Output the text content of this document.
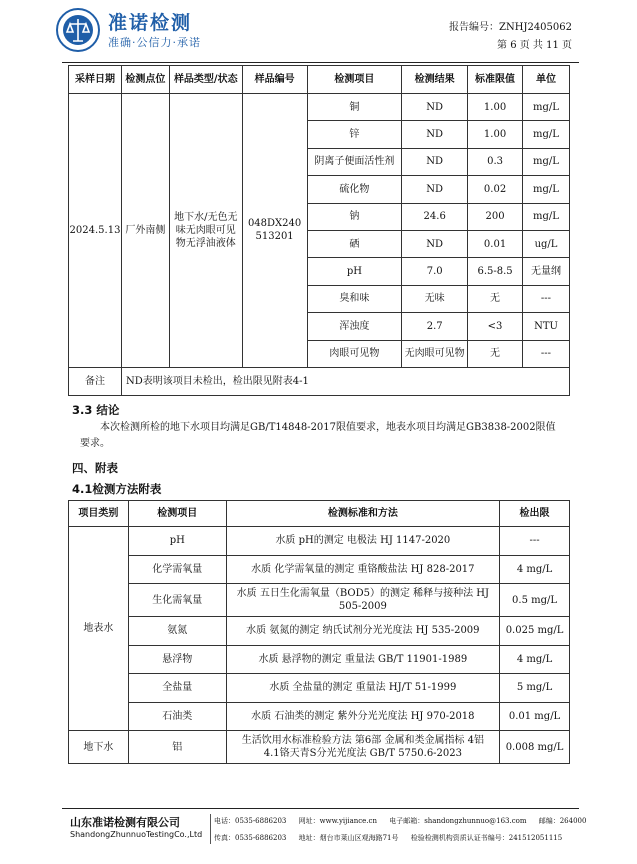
准诺检测
准确·公信力·承诺
报告编号：ZNHJ2405062
第 6 页 共 11 页
采样日期	检测点位	样品类型/状态	样品编号	检测项目	检测结果	标准限值	单位
2024.5.13	厂外南侧	地下水/无色无味无肉眼可见物无浮油液体	048DX240513201	铜	ND	1.00	mg/L
				锌	ND	1.00	mg/L
				阴离子便面活性剂	ND	0.3	mg/L
				硫化物	ND	0.02	mg/L
				钠	24.6	200	mg/L
				硒	ND	0.01	ug/L
				pH	7.0	6.5-8.5	无量纲
				臭和味	无味	无	---
				浑浊度	2.7	<3	NTU
				肉眼可见物	无肉眼可见物	无	---
备注	ND表明该项目未检出，检出限见附表4-1						
3.3 结论
本次检测所检的地下水项目均满足GB/T14848-2017限值要求，地表水项目均满足GB3838-2002限值要求。
四、附表
4.1检测方法附表
项目类别	检测项目	检测标准和方法	检出限
地表水	pH	水质 pH的测定 电极法 HJ 1147-2020	---
	化学需氧量	水质 化学需氧量的测定 重铬酸盐法 HJ 828-2017	4 mg/L
	生化需氧量	水质 五日生化需氧量（BOD5）的测定 稀释与接种法 HJ 505-2009	0.5 mg/L
	氨氮	水质 氨氮的测定 纳氏试剂分光光度法 HJ 535-2009	0.025 mg/L
	悬浮物	水质 悬浮物的测定 重量法 GB/T 11901-1989	4 mg/L
	全盐量	水质 全盐量的测定 重量法 HJ/T 51-1999	5 mg/L
	石油类	水质 石油类的测定 紫外分光光度法 HJ 970-2018	0.01 mg/L
地下水	铝	生活饮用水标准检验方法 第6部 金属和类金属指标 4铝 4.1铬天青S分光光度法 GB/T 5750.6-2023	0.008 mg/L
山东准诺检测有限公司
ShandongZhunnuoTestingCo.,Ltd
电话：0535-6886203 网址：www.yijiance.cn 电子邮箱：shandongzhunnuo@163.com 邮编：264000
传真：0535-6886203 地址：烟台市莱山区观海路71号 检验检测机构资质认证书编号：241512051115
